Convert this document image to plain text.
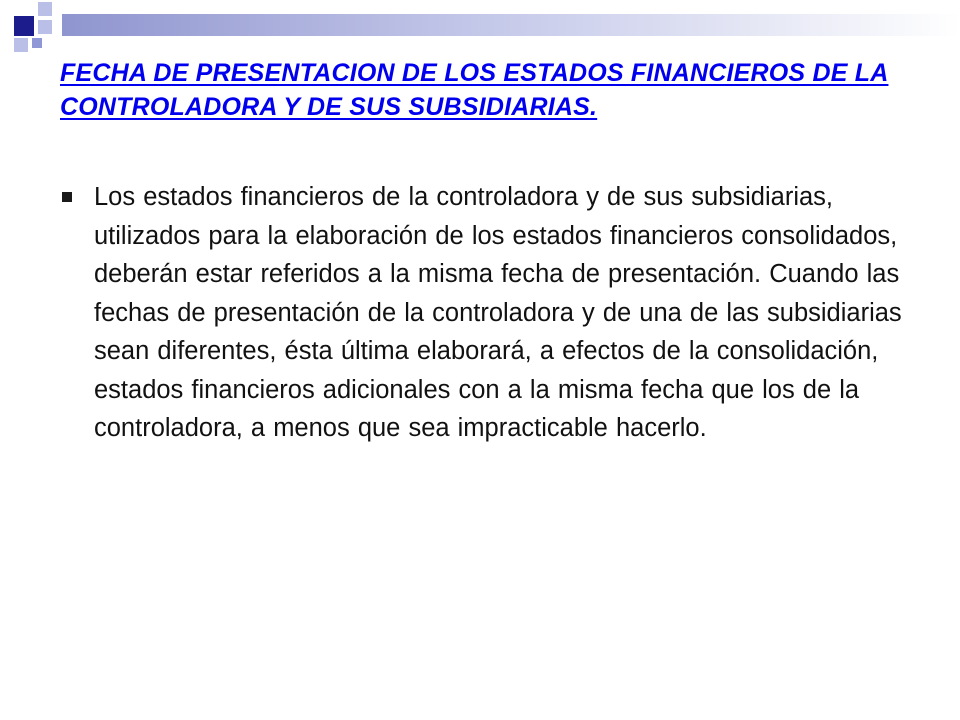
FECHA DE PRESENTACION DE LOS ESTADOS FINANCIEROS DE LA CONTROLADORA Y DE SUS SUBSIDIARIAS.
Los estados financieros de la controladora y de sus subsidiarias, utilizados para la elaboración de los estados financieros consolidados, deberán estar referidos a la misma fecha de presentación. Cuando las fechas de presentación de la controladora y de una de las subsidiarias sean diferentes, ésta última elaborará, a efectos de la consolidación, estados financieros adicionales con a la misma fecha que los de la controladora, a menos que sea impracticable hacerlo.
